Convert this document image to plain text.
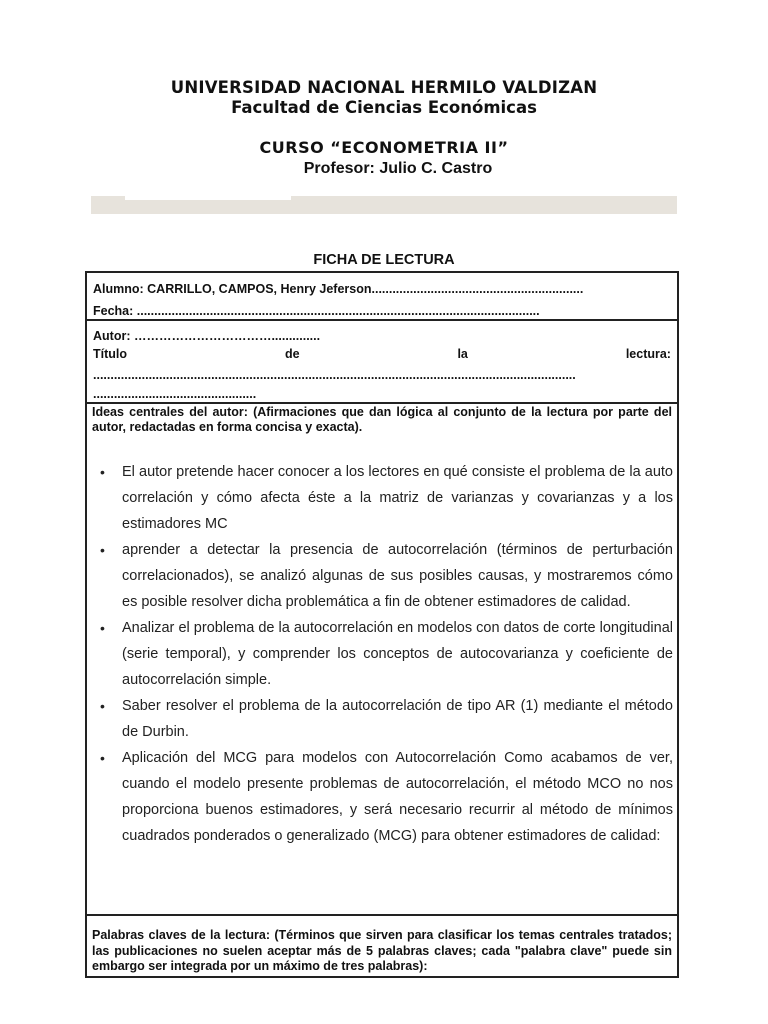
UNIVERSIDAD NACIONAL HERMILO VALDIZAN
Facultad de Ciencias Económicas
CURSO “ECONOMETRIA II”
Profesor: Julio C. Castro
FICHA DE LECTURA
Alumno: CARRILLO, CAMPOS, Henry Jeferson.............................................................
Fecha: ....................................................................................................................
Autor: ……………………………..............
Título	de	la	lectura:
...........................................................................................................................................
...............................................
Ideas centrales del autor: (Afirmaciones que dan lógica al conjunto de la lectura por parte del autor, redactadas en forma concisa y exacta).
• El autor pretende hacer conocer a los lectores en qué consiste el problema de la auto correlación y cómo afecta éste a la matriz de varianzas y covarianzas y a los estimadores MC
• aprender a detectar la presencia de autocorrelación (términos de perturbación correlacionados), se analizó algunas de sus posibles causas, y mostraremos cómo es posible resolver dicha problemática a fin de obtener estimadores de calidad.
• Analizar el problema de la autocorrelación en modelos con datos de corte longitudinal (serie temporal), y comprender los conceptos de autocovarianza y coeficiente de autocorrelación simple.
• Saber resolver el problema de la autocorrelación de tipo AR (1) mediante el método de Durbin.
• Aplicación del MCG para modelos con Autocorrelación Como acabamos de ver, cuando el modelo presente problemas de autocorrelación, el método MCO no nos proporciona buenos estimadores, y será necesario recurrir al método de mínimos cuadrados ponderados o generalizado (MCG) para obtener estimadores de calidad:
Palabras claves de la lectura: (Términos que sirven para clasificar los temas centrales tratados; las publicaciones no suelen aceptar más de 5 palabras claves; cada "palabra clave" puede sin embargo ser integrada por un máximo de tres palabras):
